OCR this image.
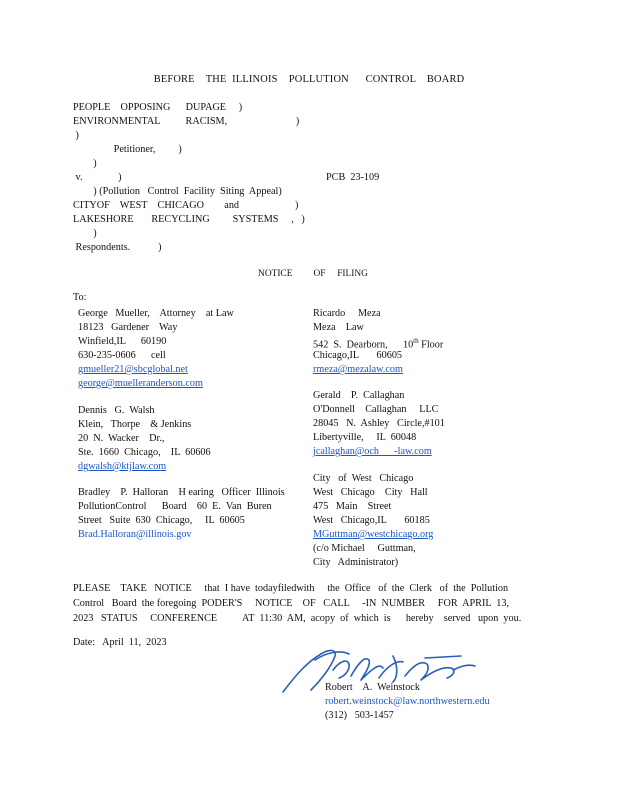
BEFORE    THE  ILLINOIS    POLLUTION      CONTROL    BOARD
PEOPLE    OPPOSING      DUPAGE     )
ENVIRONMENTAL          RACISM,                           )
)
Petitioner,         )
)
v.              )	PCB  23-109
) (Pollution   Control  Facility  Siting  Appeal)
CITYOF    WEST    CHICAGO        and                      )
LAKESHORE       RECYCLING         SYSTEMS     ,   )
)
Respondents.           )
NOTICE         OF     FILING
To:
George   Mueller,    Attorney    at Law
18123   Gardener    Way
Winfield,IL      60190
630-235-0606      cell
gmueller21@sbcglobal.net
george@muelleranderson.com
Dennis   G.  Walsh
Klein,   Thorpe    & Jenkins
20  N.  Wacker    Dr.,
Ste.  1660  Chicago,    IL  60606
dgwalsh@ktjlaw.com
Bradley    P.  Halloran    H earing   Officer  Illinois
PollutionControl      Board    60  E.  Van  Buren
Street   Suite  630  Chicago,     IL  60605
Brad.Halloran@illinois.gov
Ricardo     Meza
Meza    Law
542  S.  Dearborn,      10th Floor
Chicago,IL       60605
rmeza@mezalaw.com
Gerald    P.  Callaghan
O'Donnell    Callaghan     LLC
28045   N.  Ashley   Circle,#101
Libertyville,     IL  60048
jcallaghan@och      -law.com
City   of  West   Chicago
West   Chicago    City   Hall
475   Main    Street
West   Chicago,IL       60185
MGuttman@westchicago.org
(c/o Michael     Guttman,
City   Administrator)
PLEASE    TAKE   NOTICE     that  I have  todayfiledwith     the  Office   of  the  Clerk   of  the  Pollution
Control   Board  the foregoing  PODER'S     NOTICE    OF   CALL     -IN  NUMBER     FOR  APRIL  13,
2023   STATUS     CONFERENCE          AT  11:30  AM,  acopy  of  which  is      hereby    served   upon  you.
Date:   April  11,  2023
Robert    A.  Weinstock
robert.weinstock@law.northwestern.edu
(312)   503-1457
